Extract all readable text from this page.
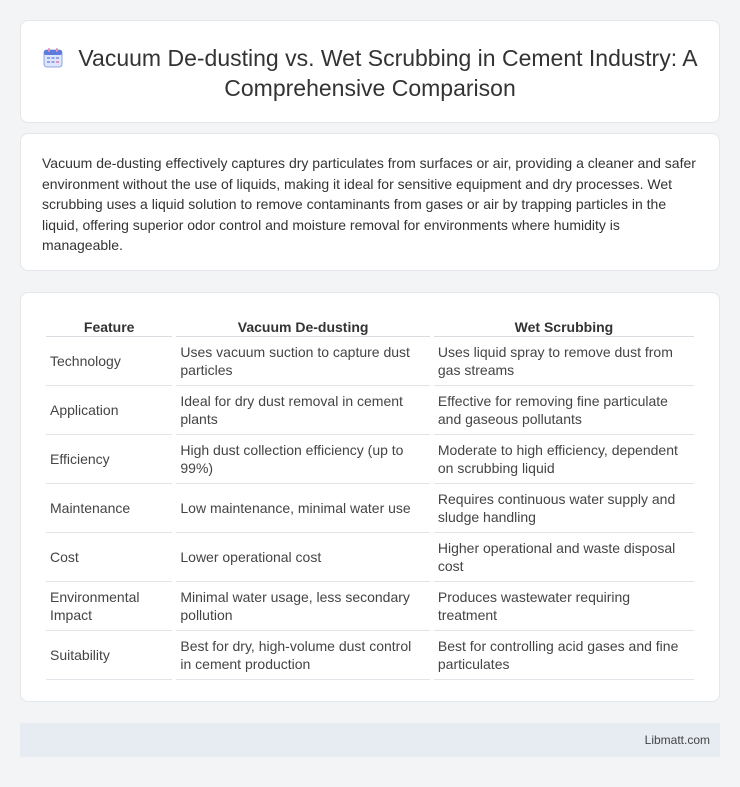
Vacuum De-dusting vs. Wet Scrubbing in Cement Industry: A Comprehensive Comparison

Vacuum de-dusting effectively captures dry particulates from surfaces or air, providing a cleaner and safer environment without the use of liquids, making it ideal for sensitive equipment and dry processes. Wet scrubbing uses a liquid solution to remove contaminants from gases or air by trapping particles in the liquid, offering superior odor control and moisture removal for environments where humidity is manageable.

Feature	Vacuum De-dusting	Wet Scrubbing
Technology	Uses vacuum suction to capture dust particles	Uses liquid spray to remove dust from gas streams
Application	Ideal for dry dust removal in cement plants	Effective for removing fine particulate and gaseous pollutants
Efficiency	High dust collection efficiency (up to 99%)	Moderate to high efficiency, dependent on scrubbing liquid
Maintenance	Low maintenance, minimal water use	Requires continuous water supply and sludge handling
Cost	Lower operational cost	Higher operational and waste disposal cost
Environmental Impact	Minimal water usage, less secondary pollution	Produces wastewater requiring treatment
Suitability	Best for dry, high-volume dust control in cement production	Best for controlling acid gases and fine particulates
Libmatt.com
